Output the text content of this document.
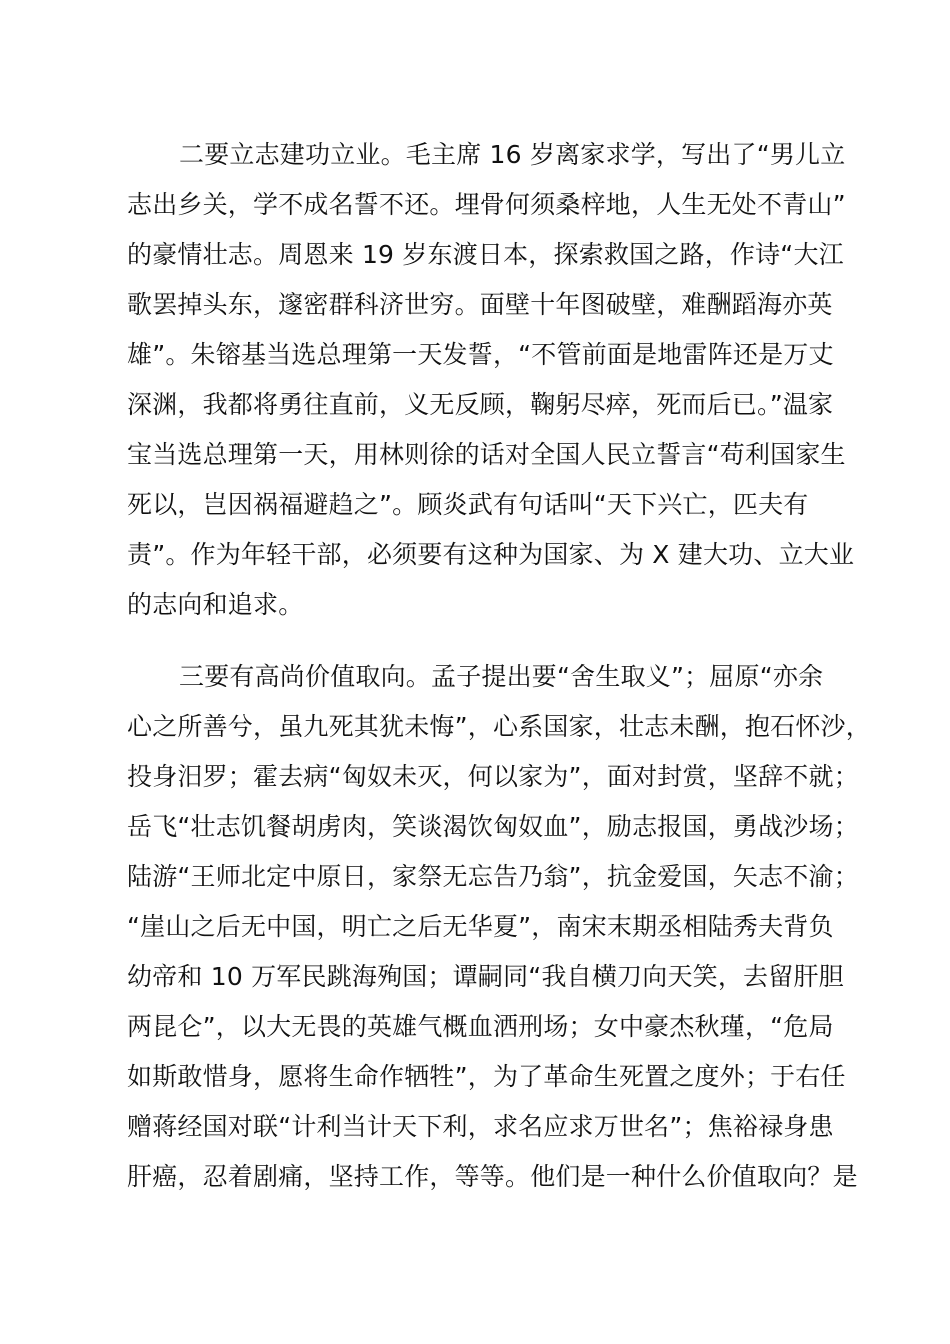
二要立志建功立业。毛主席 16 岁离家求学，写出了“男儿立
志出乡关，学不成名誓不还。埋骨何须桑梓地，人生无处不青山”
的豪情壮志。周恩来 19 岁东渡日本，探索救国之路，作诗“大江
歌罢掉头东，邃密群科济世穷。面壁十年图破壁，难酬蹈海亦英
雄”。朱镕基当选总理第一天发誓，“不管前面是地雷阵还是万丈
深渊，我都将勇往直前，义无反顾，鞠躬尽瘁，死而后已。”温家
宝当选总理第一天，用林则徐的话对全国人民立誓言“苟利国家生
死以，岂因祸福避趋之”。顾炎武有句话叫“天下兴亡，匹夫有
责”。作为年轻干部，必须要有这种为国家、为 X 建大功、立大业
的志向和追求。

三要有高尚价值取向。孟子提出要“舍生取义”；屈原“亦余
心之所善兮，虽九死其犹未悔”，心系国家，壮志未酬，抱石怀沙，
投身汨罗；霍去病“匈奴未灭，何以家为”，面对封赏，坚辞不就；
岳飞“壮志饥餐胡虏肉，笑谈渴饮匈奴血”，励志报国，勇战沙场；
陆游“王师北定中原日，家祭无忘告乃翁”，抗金爱国，矢志不渝；
“崖山之后无中国，明亡之后无华夏”，南宋末期丞相陆秀夫背负
幼帝和 10 万军民跳海殉国；谭嗣同“我自横刀向天笑，去留肝胆
两昆仑”，以大无畏的英雄气概血洒刑场；女中豪杰秋瑾，“危局
如斯敢惜身，愿将生命作牺牲”，为了革命生死置之度外；于右任
赠蒋经国对联“计利当计天下利，求名应求万世名”；焦裕禄身患
肝癌，忍着剧痛，坚持工作，等等。他们是一种什么价值取向？是
